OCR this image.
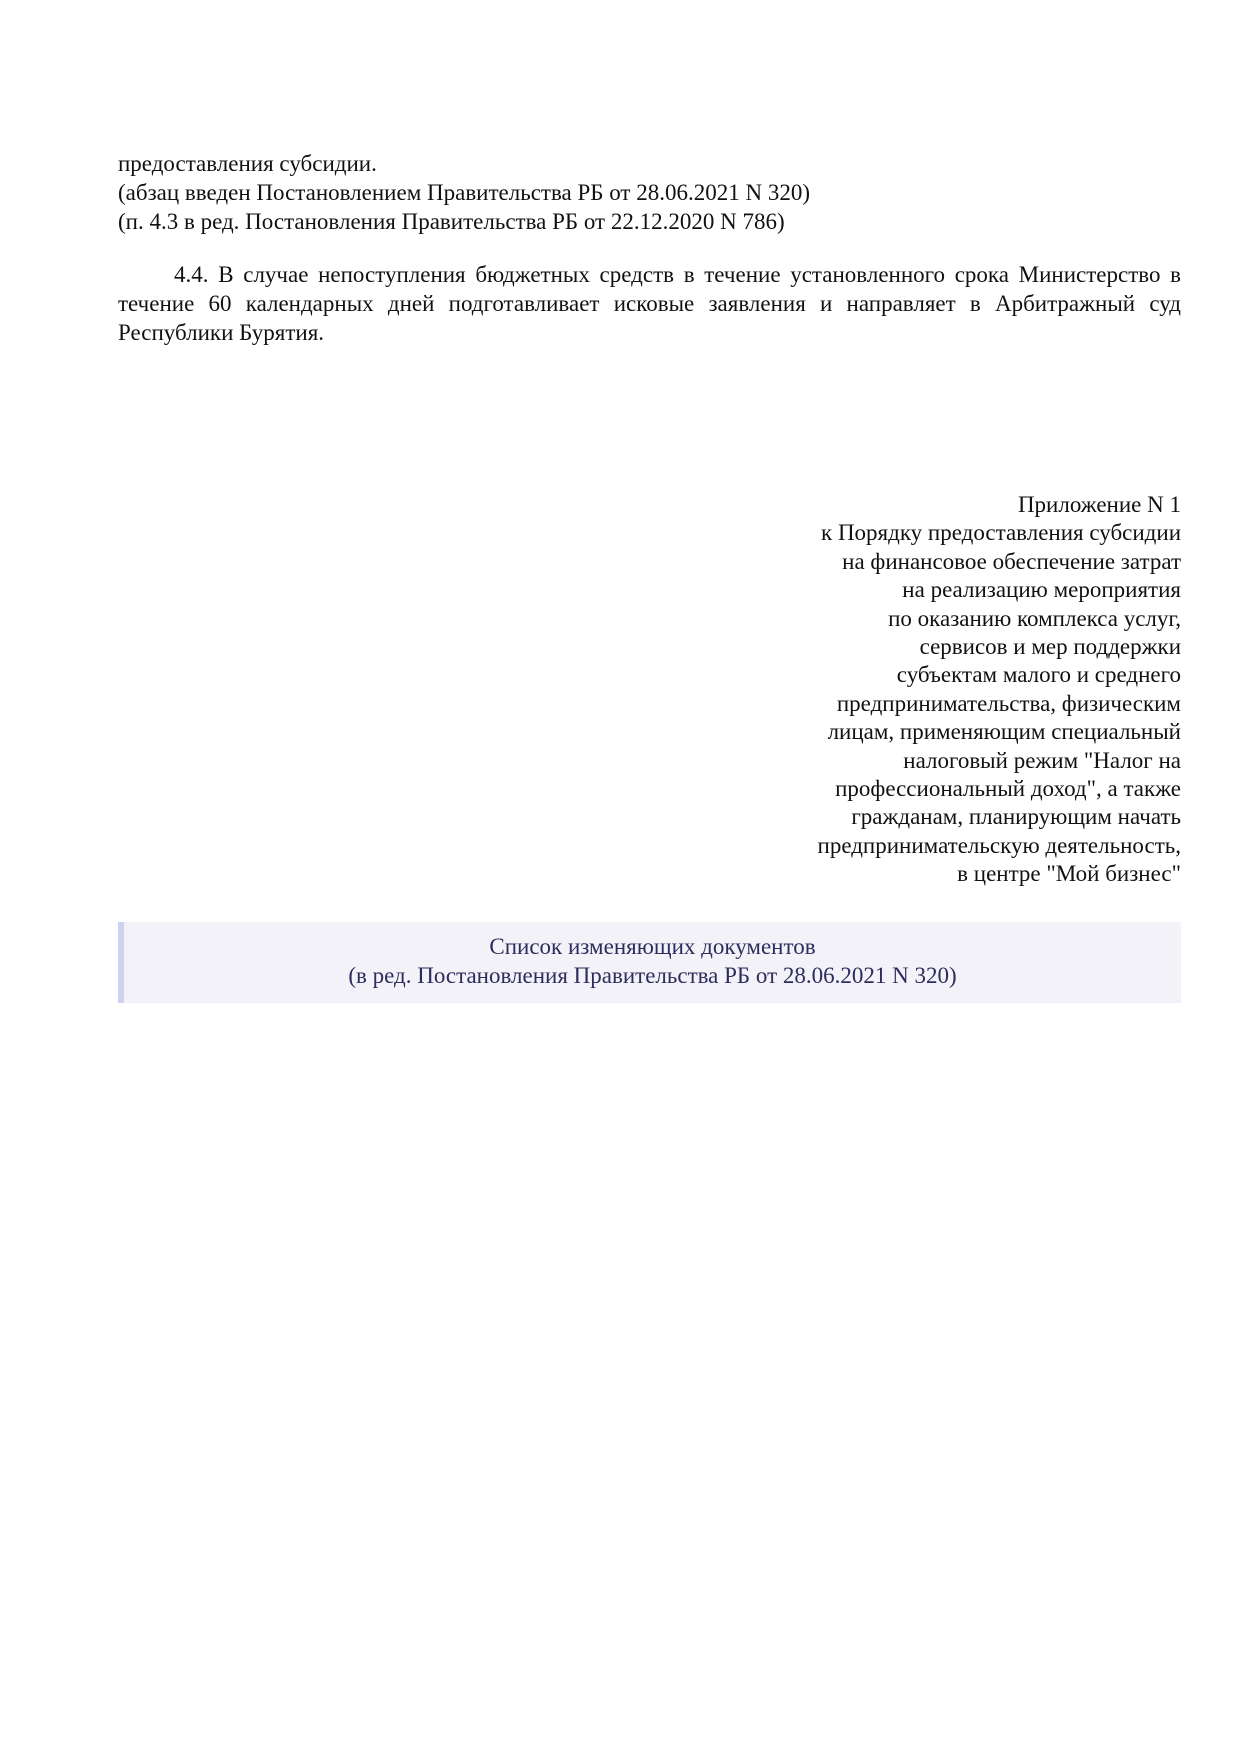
предоставления субсидии.
(абзац введен Постановлением Правительства РБ от 28.06.2021 N 320)
(п. 4.3 в ред. Постановления Правительства РБ от 22.12.2020 N 786)
4.4. В случае непоступления бюджетных средств в течение установленного срока Министерство в течение 60 календарных дней подготавливает исковые заявления и направляет в Арбитражный суд Республики Бурятия.
Приложение N 1
к Порядку предоставления субсидии
на финансовое обеспечение затрат
на реализацию мероприятия
по оказанию комплекса услуг,
сервисов и мер поддержки
субъектам малого и среднего
предпринимательства, физическим
лицам, применяющим специальный
налоговый режим "Налог на
профессиональный доход", а также
гражданам, планирующим начать
предпринимательскую деятельность,
в центре "Мой бизнес"
Список изменяющих документов
(в ред. Постановления Правительства РБ от 28.06.2021 N 320)
